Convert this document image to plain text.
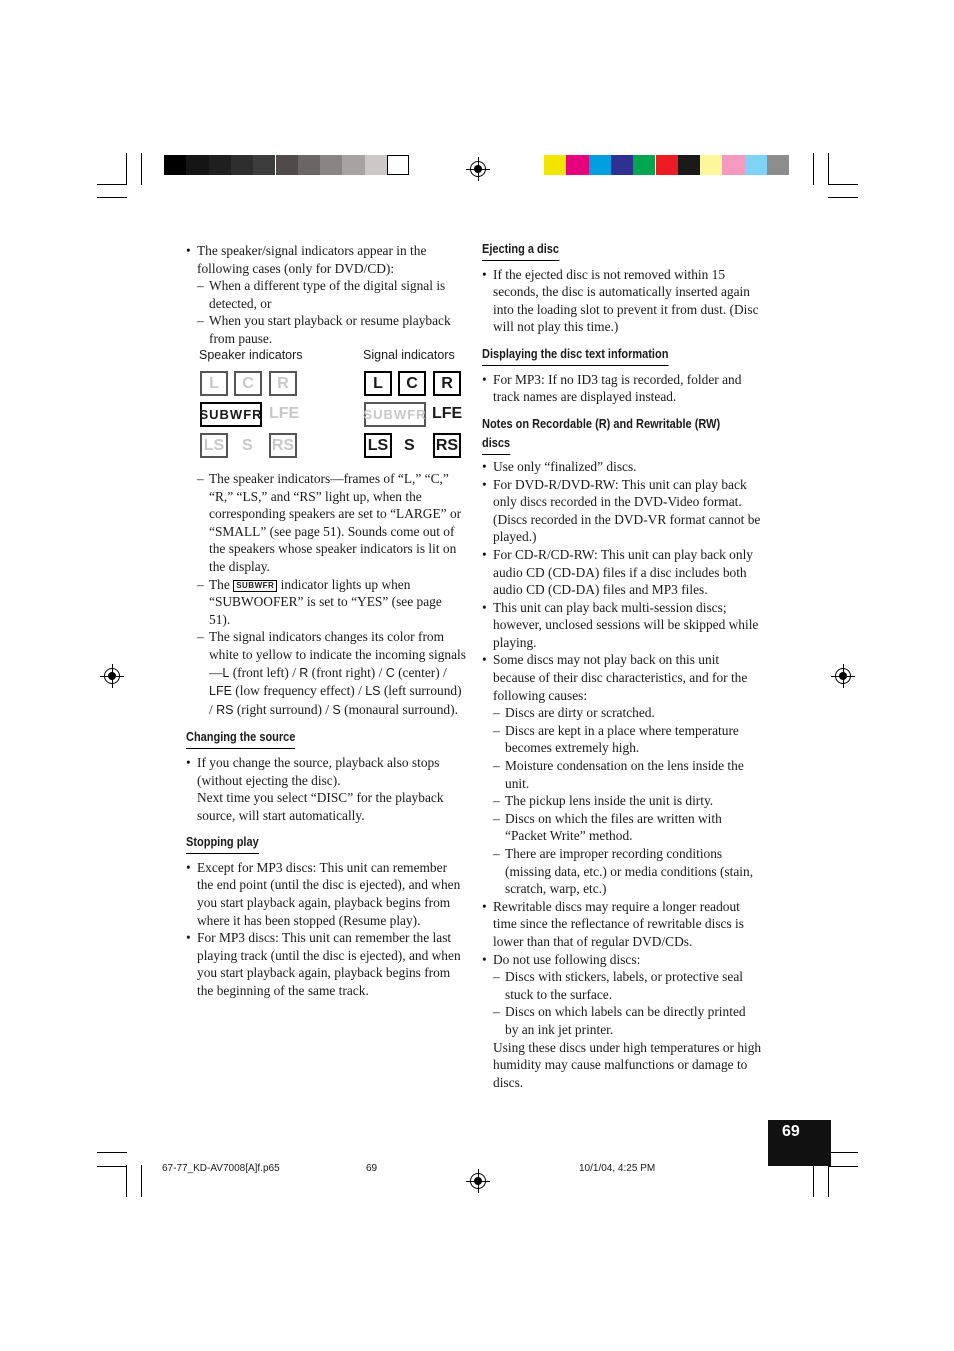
• The speaker/signal indicators appear in the following cases (only for DVD/CD):

– When a different type of the digital signal is detected, or

– When you start playback or resume playback from pause.

Speaker indicators	Signal indicators
L	C	R
SUBWFR LFE
LS S RS
L	C	R
SUBWFR LFE
LS S RS

– The speaker indicators—frames of “L,” “C,” “R,” “LS,” and “RS” light up, when the corresponding speakers are set to “LARGE” or “SMALL” (see page 51). Sounds come out of the speakers whose speaker indicators is lit on the display.

– The SUBWFR indicator lights up when “SUBWOOFER” is set to “YES” (see page 51).

– The signal indicators changes its color from white to yellow to indicate the incoming signals—L (front left) / R (front right) / C (center) / LFE (low frequency effect) / LS (left surround) / RS (right surround) / S (monaural surround).

Changing the source

• If you change the source, playback also stops (without ejecting the disc).

Next time you select “DISC” for the playback source, will start automatically.

Stopping play

• Except for MP3 discs: This unit can remember the end point (until the disc is ejected), and when you start playback again, playback begins from where it has been stopped (Resume play).

• For MP3 discs: This unit can remember the last playing track (until the disc is ejected), and when you start playback again, playback begins from the beginning of the same track.

Ejecting a disc

• If the ejected disc is not removed within 15 seconds, the disc is automatically inserted again into the loading slot to prevent it from dust. (Disc will not play this time.)

Displaying the disc text information

• For MP3: If no ID3 tag is recorded, folder and track names are displayed instead.

Notes on Recordable (R) and Rewritable (RW)

discs

• Use only “finalized” discs.

• For DVD-R/DVD-RW: This unit can play back only discs recorded in the DVD-Video format. (Discs recorded in the DVD-VR format cannot be played.)

• For CD-R/CD-RW: This unit can play back only audio CD (CD-DA) files if a disc includes both audio CD (CD-DA) files and MP3 files.

• This unit can play back multi-session discs; however, unclosed sessions will be skipped while playing.

• Some discs may not play back on this unit because of their disc characteristics, and for the following causes:

– Discs are dirty or scratched.

– Discs are kept in a place where temperature becomes extremely high.

– Moisture condensation on the lens inside the unit.

– The pickup lens inside the unit is dirty.

– Discs on which the files are written with “Packet Write” method.

– There are improper recording conditions (missing data, etc.) or media conditions (stain, scratch, warp, etc.)

• Rewritable discs may require a longer readout time since the reflectance of rewritable discs is lower than that of regular DVD/CDs.

• Do not use following discs:

– Discs with stickers, labels, or protective seal stuck to the surface.

– Discs on which labels can be directly printed by an ink jet printer.

Using these discs under high temperatures or high humidity may cause malfunctions or damage to discs.

69
67-77_KD-AV7008[A]f.p65	69	10/1/04, 4:25 PM
